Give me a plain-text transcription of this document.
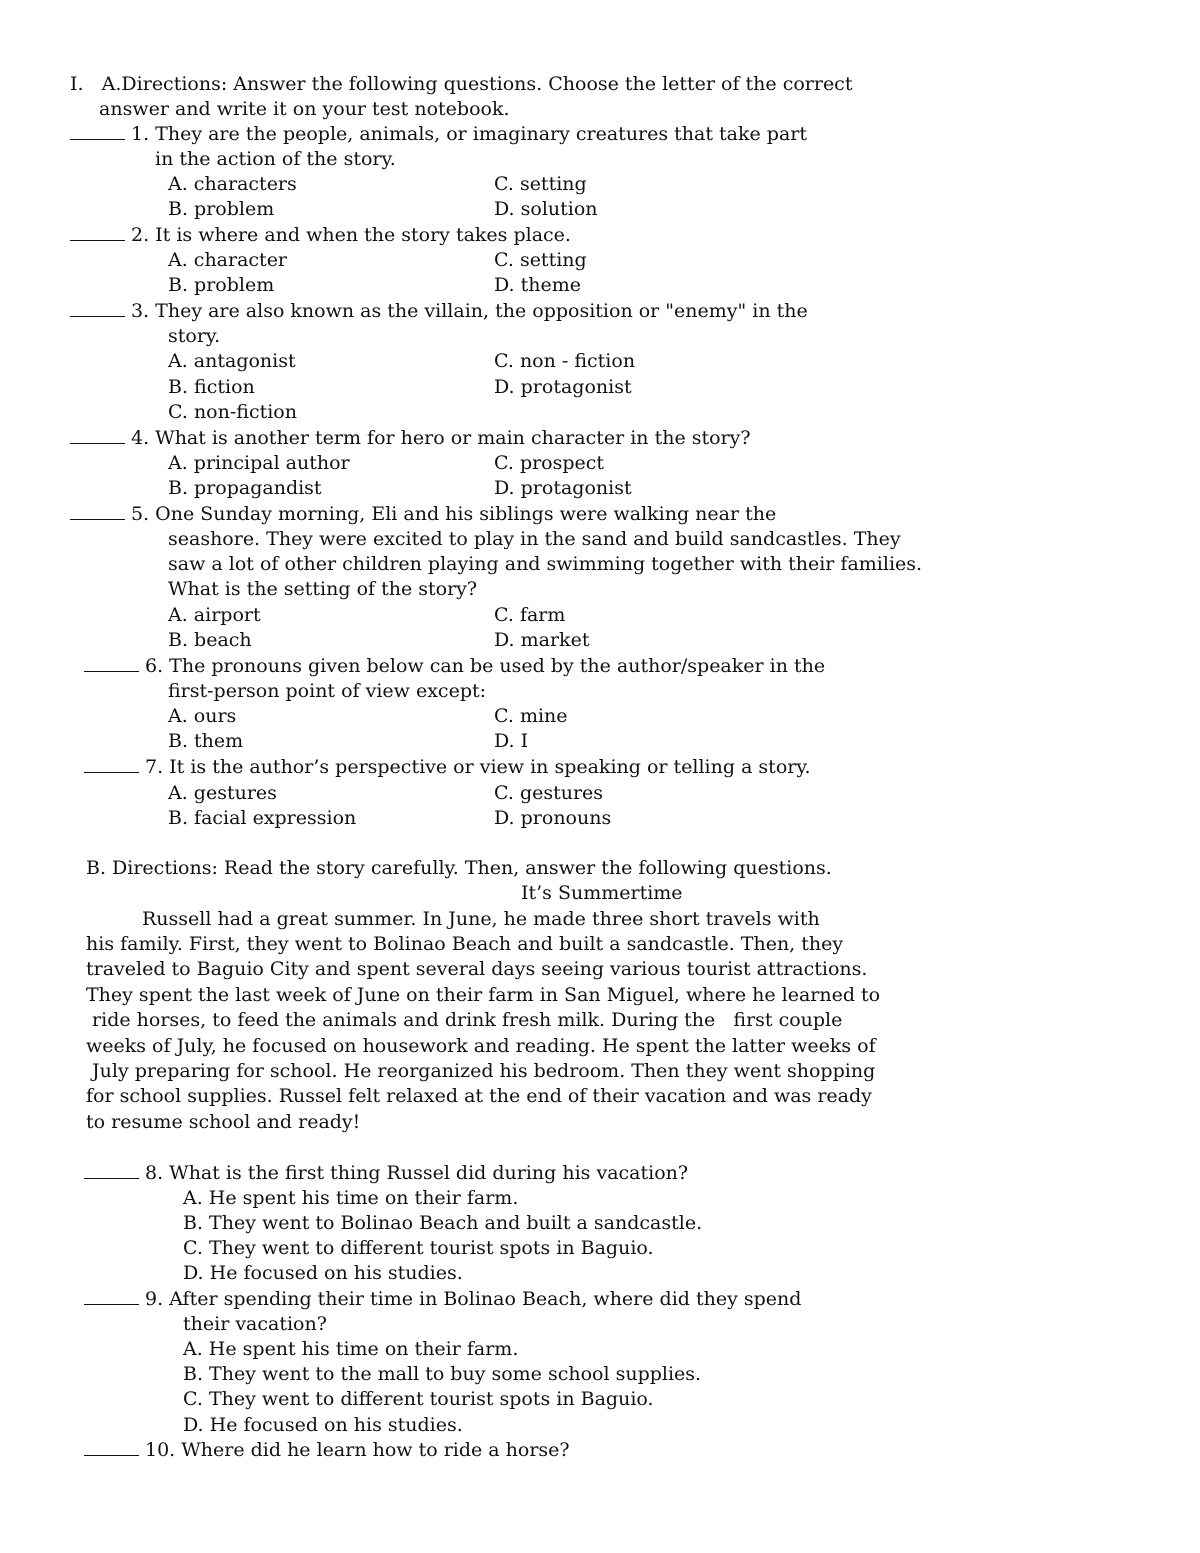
I.   A.Directions: Answer the following questions. Choose the letter of the correct
answer and write it on your test notebook.
1. They are the people, animals, or imaginary creatures that take part
in the action of the story.
A. characters	C. setting
B. problem	D. solution
2. It is where and when the story takes place.
A. character	C. setting
B. problem	D. theme
3. They are also known as the villain, the opposition or "enemy" in the
story.
A. antagonist	C. non - fiction
B. fiction	D. protagonist
C. non-fiction
4. What is another term for hero or main character in the story?
A. principal author	C. prospect
B. propagandist	D. protagonist
5. One Sunday morning, Eli and his siblings were walking near the
seashore. They were excited to play in the sand and build sandcastles. They
saw a lot of other children playing and swimming together with their families.
What is the setting of the story?
A. airport	C. farm
B. beach	D. market
6. The pronouns given below can be used by the author/speaker in the
first-person point of view except:
A. ours	C. mine
B. them	D. I
7. It is the author’s perspective or view in speaking or telling a story.
A. gestures	C. gestures
B. facial expression	D. pronouns
B. Directions: Read the story carefully. Then, answer the following questions.
It’s Summertime
Russell had a great summer. In June, he made three short travels with
his family. First, they went to Bolinao Beach and built a sandcastle. Then, they
traveled to Baguio City and spent several days seeing various tourist attractions.
They spent the last week of June on their farm in San Miguel, where he learned to
ride horses, to feed the animals and drink fresh milk. During the   first couple
weeks of July, he focused on housework and reading. He spent the latter weeks of
July preparing for school. He reorganized his bedroom. Then they went shopping
for school supplies. Russel felt relaxed at the end of their vacation and was ready
to resume school and ready!
8. What is the first thing Russel did during his vacation?
A. He spent his time on their farm.
B. They went to Bolinao Beach and built a sandcastle.
C. They went to different tourist spots in Baguio.
D. He focused on his studies.
9. After spending their time in Bolinao Beach, where did they spend
their vacation?
A. He spent his time on their farm.
B. They went to the mall to buy some school supplies.
C. They went to different tourist spots in Baguio.
D. He focused on his studies.
10. Where did he learn how to ride a horse?
